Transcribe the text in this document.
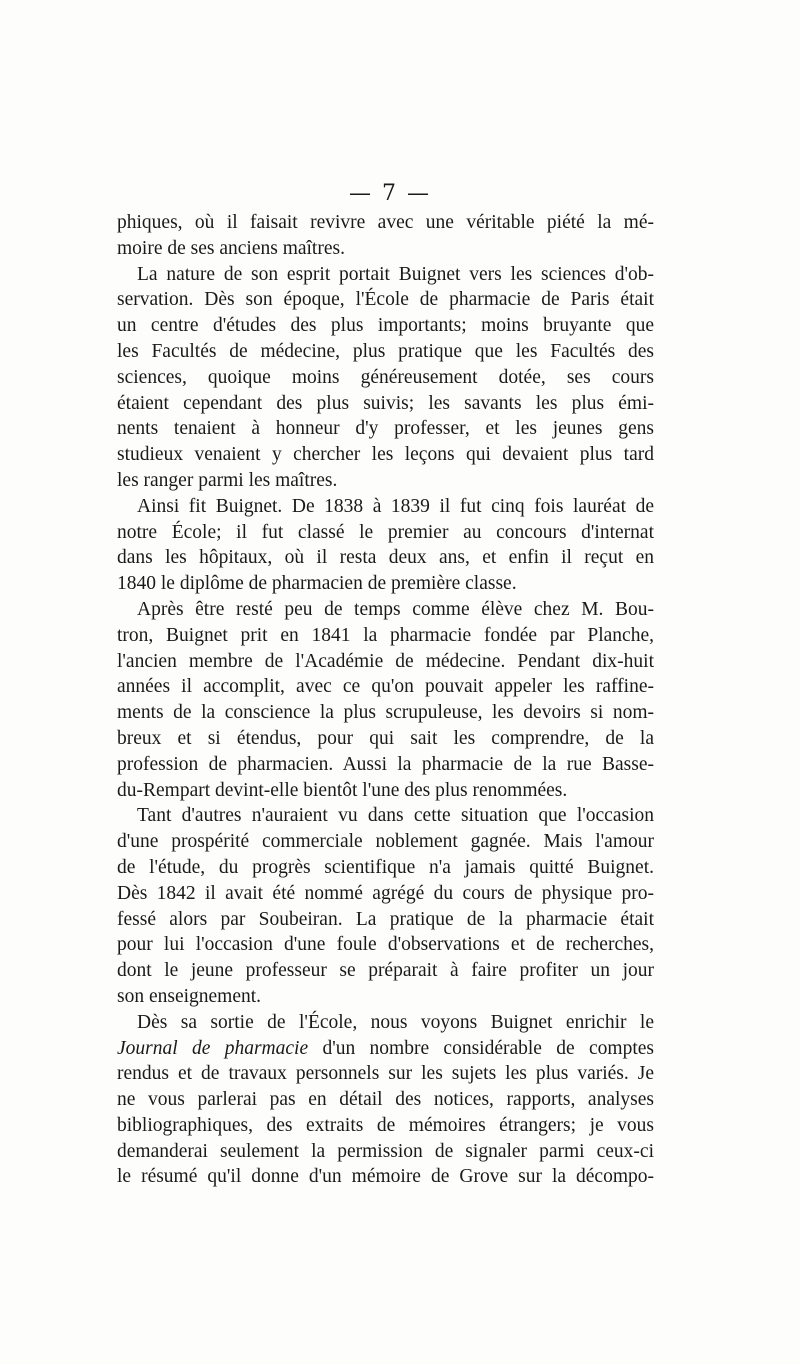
— 7 —
phiques, où il faisait revivre avec une véritable piété la mé-
moire de ses anciens maîtres.
La nature de son esprit portait Buignet vers les sciences d'ob-
servation. Dès son époque, l'École de pharmacie de Paris était
un centre d'études des plus importants; moins bruyante que
les Facultés de médecine, plus pratique que les Facultés des
sciences, quoique moins généreusement dotée, ses cours
étaient cependant des plus suivis; les savants les plus émi-
nents tenaient à honneur d'y professer, et les jeunes gens
studieux venaient y chercher les leçons qui devaient plus tard
les ranger parmi les maîtres.
Ainsi fit Buignet. De 1838 à 1839 il fut cinq fois lauréat de
notre École; il fut classé le premier au concours d'internat
dans les hôpitaux, où il resta deux ans, et enfin il reçut en
1840 le diplôme de pharmacien de première classe.
Après être resté peu de temps comme élève chez M. Bou-
tron, Buignet prit en 1841 la pharmacie fondée par Planche,
l'ancien membre de l'Académie de médecine. Pendant dix-huit
années il accomplit, avec ce qu'on pouvait appeler les raffine-
ments de la conscience la plus scrupuleuse, les devoirs si nom-
breux et si étendus, pour qui sait les comprendre, de la
profession de pharmacien. Aussi la pharmacie de la rue Basse-
du-Rempart devint-elle bientôt l'une des plus renommées.
Tant d'autres n'auraient vu dans cette situation que l'occasion
d'une prospérité commerciale noblement gagnée. Mais l'amour
de l'étude, du progrès scientifique n'a jamais quitté Buignet.
Dès 1842 il avait été nommé agrégé du cours de physique pro-
fessé alors par Soubeiran. La pratique de la pharmacie était
pour lui l'occasion d'une foule d'observations et de recherches,
dont le jeune professeur se préparait à faire profiter un jour
son enseignement.
Dès sa sortie de l'École, nous voyons Buignet enrichir le
Journal de pharmacie d'un nombre considérable de comptes
rendus et de travaux personnels sur les sujets les plus variés. Je
ne vous parlerai pas en détail des notices, rapports, analyses
bibliographiques, des extraits de mémoires étrangers; je vous
demanderai seulement la permission de signaler parmi ceux-ci
le résumé qu'il donne d'un mémoire de Grove sur la décompo-
